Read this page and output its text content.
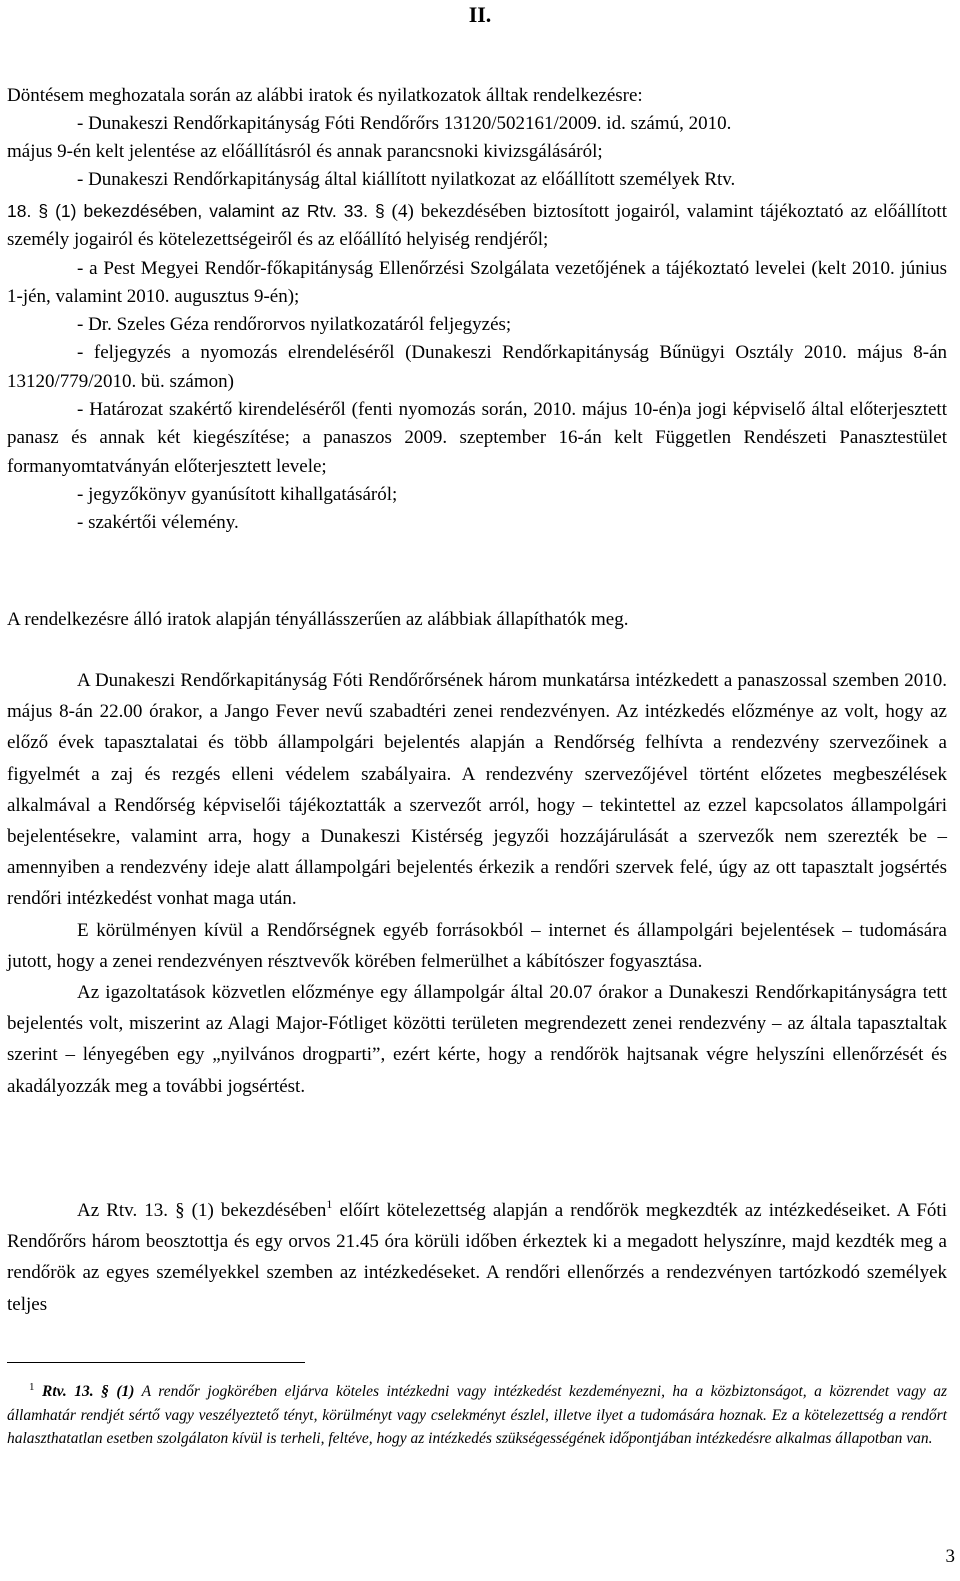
II.
Döntésem meghozatala során az alábbi iratok és nyilatkozatok álltak rendelkezésre:
- Dunakeszi Rendőrkapitányság Fóti Rendőrőrs 13120/502161/2009. id. számú, 2010.
május 9-én kelt jelentése az előállításról és annak parancsnoki kivizsgálásáról;
- Dunakeszi Rendőrkapitányság által kiállított nyilatkozat az előállított személyek Rtv.

18. § (1) bekezdésében, valamint az Rtv. 33. § (4) bekezdésében biztosított jogairól, valamint tájékoztató az előállított személy jogairól és kötelezettségeiről és az előállító helyiség rendjéről;

- a Pest Megyei Rendőr-főkapitányság Ellenőrzési Szolgálata vezetőjének a tájékoztató levelei (kelt 2010. június 1-jén, valamint 2010. augusztus 9-én);

- Dr. Szeles Géza rendőrorvos nyilatkozatáról feljegyzés;

- feljegyzés a nyomozás elrendeléséről (Dunakeszi Rendőrkapitányság Bűnügyi Osztály 2010. május 8-án 13120/779/2010. bü. számon)

- Határozat szakértő kirendeléséről (fenti nyomozás során, 2010. május 10-én)a jogi képviselő által előterjesztett panasz és annak két kiegészítése; a panaszos 2009. szeptember 16-án kelt Független Rendészeti Panasztestület formanyomtatványán előterjesztett levele;

- jegyzőkönyv gyanúsított kihallgatásáról;

- szakértői vélemény.

A rendelkezésre álló iratok alapján tényállásszerűen az alábbiak állapíthatók meg.

A Dunakeszi Rendőrkapitányság Fóti Rendőrőrsének három munkatársa intézkedett a panaszossal szemben 2010. május 8-án 22.00 órakor, a Jango Fever nevű szabadtéri zenei rendezvényen. Az intézkedés előzménye az volt, hogy az előző évek tapasztalatai és több állampolgári bejelentés alapján a Rendőrség felhívta a rendezvény szervezőinek a figyelmét a zaj és rezgés elleni védelem szabályaira. A rendezvény szervezőjével történt előzetes megbeszélések alkalmával a Rendőrség képviselői tájékoztatták a szervezőt arról, hogy – tekintettel az ezzel kapcsolatos állampolgári bejelentésekre, valamint arra, hogy a Dunakeszi Kistérség jegyzői hozzájárulását a szervezők nem szerezték be – amennyiben a rendezvény ideje alatt állampolgári bejelentés érkezik a rendőri szervek felé, úgy az ott tapasztalt jogsértés rendőri intézkedést vonhat maga után.

E körülményen kívül a Rendőrségnek egyéb forrásokból – internet és állampolgári bejelentések – tudomására jutott, hogy a zenei rendezvényen résztvevők körében felmerülhet a kábítószer fogyasztása.

Az igazoltatások közvetlen előzménye egy állampolgár által 20.07 órakor a Dunakeszi Rendőrkapitányságra tett bejelentés volt, miszerint az Alagi Major-Fótliget közötti területen megrendezett zenei rendezvény – az általa tapasztaltak szerint – lényegében egy „nyilvános drogparti”, ezért kérte, hogy a rendőrök hajtsanak végre helyszíni ellenőrzését és akadályozzák meg a további jogsértést.

Az Rtv. 13. § (1) bekezdésében$^1$ előírt kötelezettség alapján a rendőrök megkezdték az intézkedéseiket. A Fóti Rendőrőrs három beosztottja és egy orvos 21.45 óra körüli időben érkeztek ki a megadott helyszínre, majd kezdték meg a rendőrök az egyes személyekkel szemben az intézkedéseket. A rendőri ellenőrzés a rendezvényen tartózkodó személyek teljes

$^1$ Rtv. 13. § (1) A rendőr jogkörében eljárva köteles intézkedni vagy intézkedést kezdeményezni, ha a közbiztonságot, a közrendet vagy az államhatár rendjét sértő vagy veszélyeztető tényt, körülményt vagy cselekményt észlel, illetve ilyet a tudomására hoznak. Ez a kötelezettség a rendőrt halaszthatatlan esetben szolgálaton kívül is terheli, feltéve, hogy az intézkedés szükségességének időpontjában intézkedésre alkalmas állapotban van.

3
